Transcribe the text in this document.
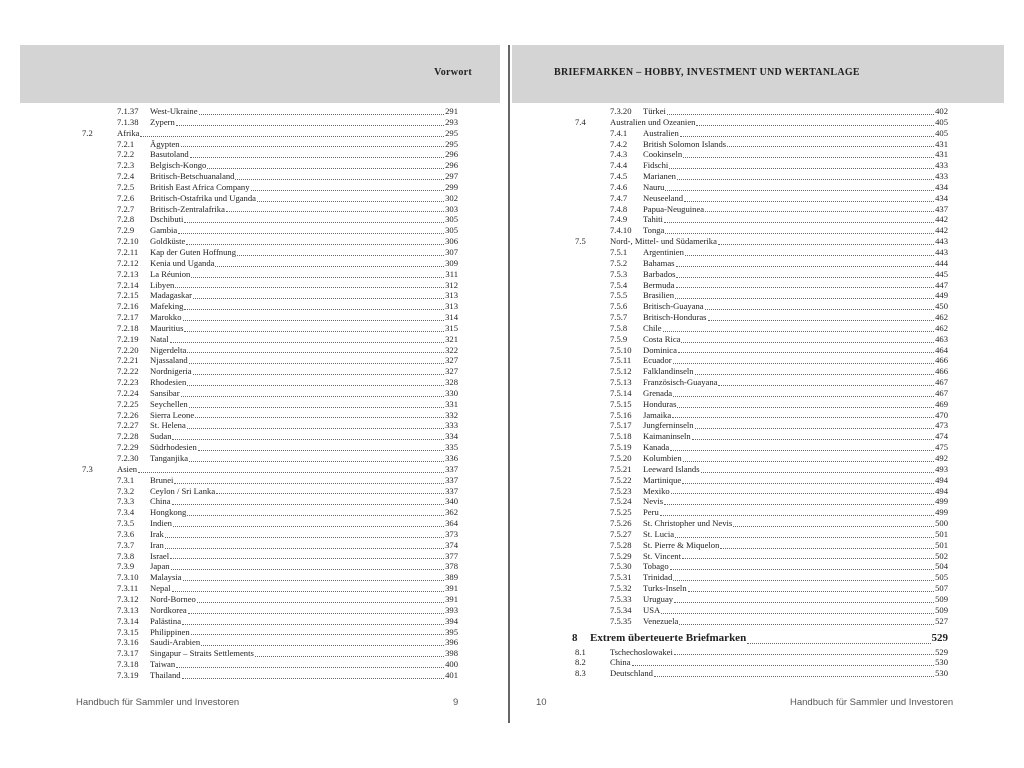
Vorwort
7.1.37	West-Ukraine	291
7.1.38	Zypern	293
7.2	Afrika	295
7.2.1	Ägypten	295
7.2.2	Basutoland	296
7.2.3	Belgisch-Kongo	296
7.2.4	Britisch-Betschuanaland	297
7.2.5	British East Africa Company	299
7.2.6	Britisch-Ostafrika und Uganda	302
7.2.7	Britisch-Zentralafrika	303
7.2.8	Dschibuti	305
7.2.9	Gambia	305
7.2.10	Goldküste	306
7.2.11	Kap der Guten Hoffnung	307
7.2.12	Kenia und Uganda	309
7.2.13	La Réunion	311
7.2.14	Libyen	312
7.2.15	Madagaskar	313
7.2.16	Mafeking	313
7.2.17	Marokko	314
7.2.18	Mauritius	315
7.2.19	Natal	321
7.2.20	Nigerdelta	322
7.2.21	Njassaland	327
7.2.22	Nordnigeria	327
7.2.23	Rhodesien	328
7.2.24	Sansibar	330
7.2.25	Seychellen	331
7.2.26	Sierra Leone	332
7.2.27	St. Helena	333
7.2.28	Sudan	334
7.2.29	Südrhodesien	335
7.2.30	Tanganjika	336
7.3	Asien	337
7.3.1	Brunei	337
7.3.2	Ceylon / Sri Lanka	337
7.3.3	China	340
7.3.4	Hongkong	362
7.3.5	Indien	364
7.3.6	Irak	373
7.3.7	Iran	374
7.3.8	Israel	377
7.3.9	Japan	378
7.3.10	Malaysia	389
7.3.11	Nepal	391
7.3.12	Nord-Borneo	391
7.3.13	Nordkorea	393
7.3.14	Palästina	394
7.3.15	Philippinen	395
7.3.16	Saudi-Arabien	396
7.3.17	Singapur – Straits Settlements	398
7.3.18	Taiwan	400
7.3.19	Thailand	401
Handbuch für Sammler und Investoren	9
BRIEFMARKEN – HOBBY, INVESTMENT UND WERTANLAGE
7.3.20	Türkei	402
7.4	Australien und Ozeanien	405
7.4.1	Australien	405
7.4.2	British Solomon Islands	431
7.4.3	Cookinseln	431
7.4.4	Fidschi	433
7.4.5	Marianen	433
7.4.6	Nauru	434
7.4.7	Neuseeland	434
7.4.8	Papua-Neuguinea	437
7.4.9	Tahiti	442
7.4.10	Tonga	442
7.5	Nord-, Mittel- und Südamerika	443
7.5.1	Argentinien	443
7.5.2	Bahamas	444
7.5.3	Barbados	445
7.5.4	Bermuda	447
7.5.5	Brasilien	449
7.5.6	Britisch-Guayana	450
7.5.7	Britisch-Honduras	462
7.5.8	Chile	462
7.5.9	Costa Rica	463
7.5.10	Dominica	464
7.5.11	Ecuador	466
7.5.12	Falklandinseln	466
7.5.13	Französisch-Guayana	467
7.5.14	Grenada	467
7.5.15	Honduras	469
7.5.16	Jamaika	470
7.5.17	Jungferninseln	473
7.5.18	Kaimaninseln	474
7.5.19	Kanada	475
7.5.20	Kolumbien	492
7.5.21	Leeward Islands	493
7.5.22	Martinique	494
7.5.23	Mexiko	494
7.5.24	Nevis	499
7.5.25	Peru	499
7.5.26	St. Christopher und Nevis	500
7.5.27	St. Lucia	501
7.5.28	St. Pierre & Miquelon	501
7.5.29	St. Vincent	502
7.5.30	Tobago	504
7.5.31	Trinidad	505
7.5.32	Turks-Inseln	507
7.5.33	Uruguay	509
7.5.34	USA	509
7.5.35	Venezuela	527
8	Extrem überteuerte Briefmarken	529
8.1	Tschechoslowakei	529
8.2	China	530
8.3	Deutschland	530
10	Handbuch für Sammler und Investoren
